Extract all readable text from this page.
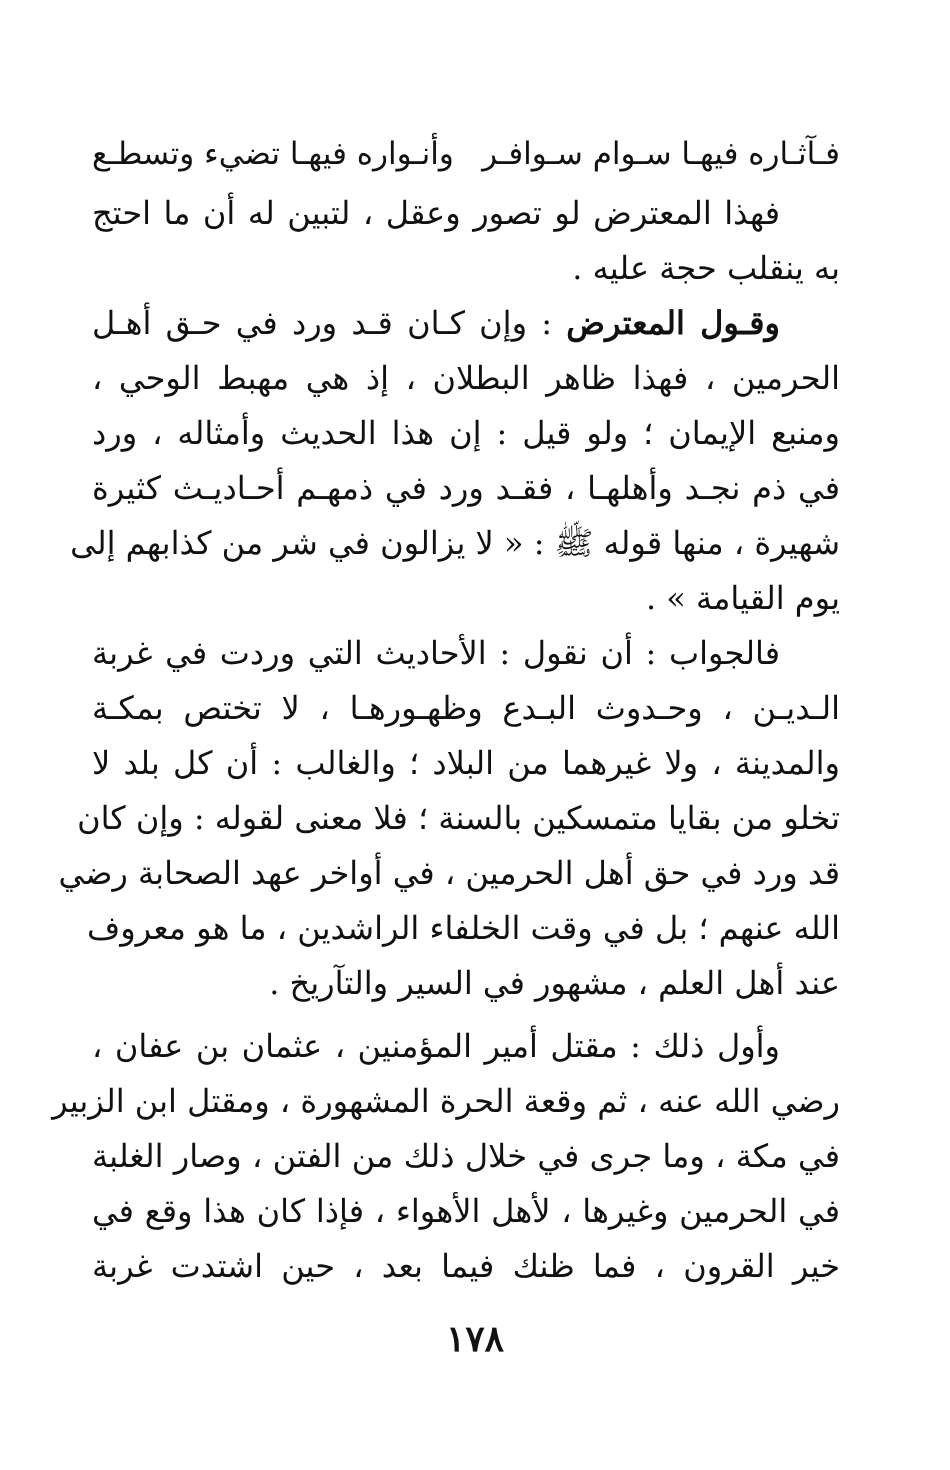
فـآثـاره فيهـا سـوام سـوافـر
وأنـواره فيهـا تضيء وتسطـع
فهذا المعترض لو تصور وعقل ، لتبين له أن ما احتج
به ينقلب حجة عليه .
وقـول المعترض : وإن كـان قـد ورد في حـق أهـل
الحرمين ، فهذا ظاهر البطلان ، إذ هي مهبط الوحي ،
ومنبع الإيمان ؛ ولو قيل : إن هذا الحديث وأمثاله ، ورد
في ذم نجـد وأهلهـا ، فقـد ورد في ذمهـم أحـاديـث كثيرة
شهيرة ، منها قوله ﷺ : « لا يزالون في شر من كذابهم إلى
يوم القيامة » .
فالجواب : أن نقول : الأحاديث التي وردت في غربة
الـديـن ، وحـدوث البـدع وظهـورهـا ، لا تختص بمكـة
والمدينة ، ولا غيرهما من البلاد ؛ والغالب : أن كل بلد لا
تخلو من بقايا متمسكين بالسنة ؛ فلا معنى لقوله : وإن كان
قد ورد في حق أهل الحرمين ، في أواخر عهد الصحابة رضي
الله عنهم ؛ بل في وقت الخلفاء الراشدين ، ما هو معروف
عند أهل العلم ، مشهور في السير والتآريخ .
وأول ذلك : مقتل أمير المؤمنين ، عثمان بن عفان ،
رضي الله عنه ، ثم وقعة الحرة المشهورة ، ومقتل ابن الزبير
في مكة ، وما جرى في خلال ذلك من الفتن ، وصار الغلبة
في الحرمين وغيرها ، لأهل الأهواء ، فإذا كان هذا وقع في
خير القرون ، فما ظنك فيما بعد ، حين اشتدت غربة
١٧٨
